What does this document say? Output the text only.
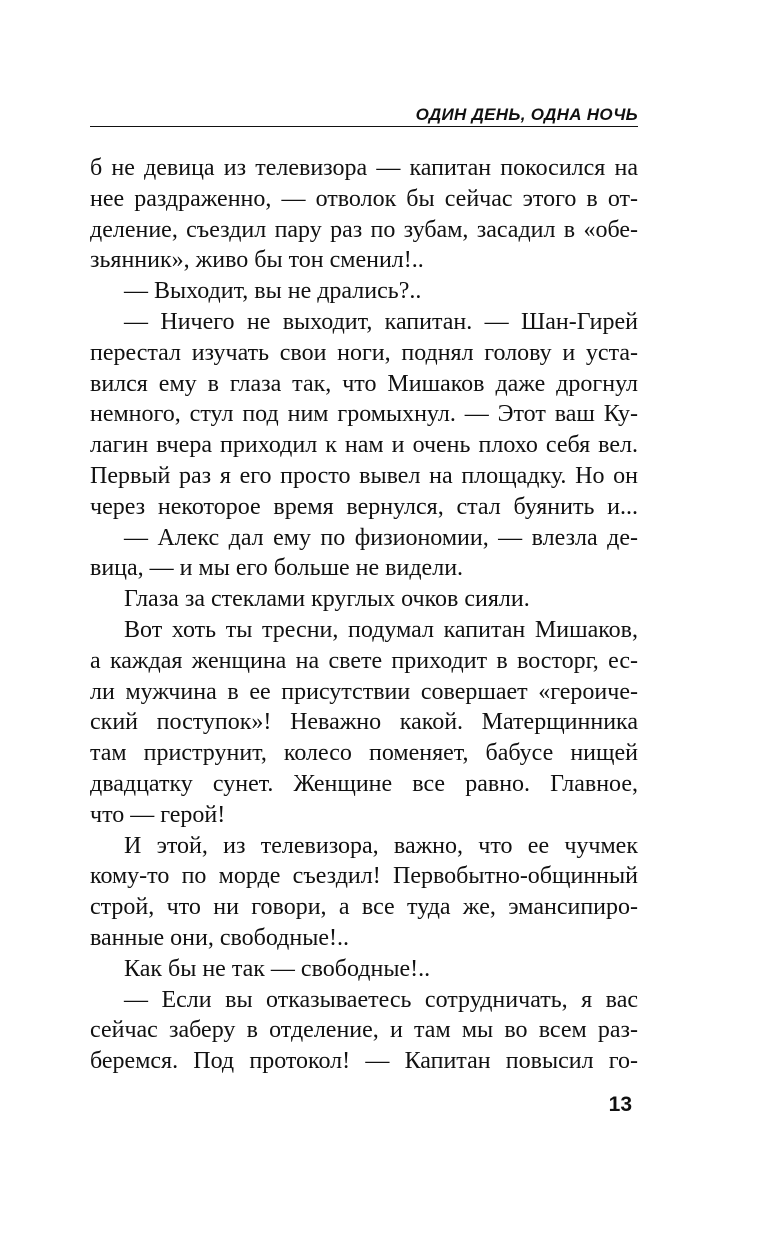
ОДИН ДЕНЬ, ОДНА НОЧЬ
б не девица из телевизора — капитан покосился на
нее раздраженно, — отволок бы сейчас этого в от-
деление, съездил пару раз по зубам, засадил в «обе-
зьянник», живо бы тон сменил!..
— Выходит, вы не дрались?..
— Ничего не выходит, капитан. — Шан-Гирей
перестал изучать свои ноги, поднял голову и уста-
вился ему в глаза так, что Мишаков даже дрогнул
немного, стул под ним громыхнул. — Этот ваш Ку-
лагин вчера приходил к нам и очень плохо себя вел.
Первый раз я его просто вывел на площадку. Но он
через некоторое время вернулся, стал буянить и...
— Алекс дал ему по физиономии, — влезла де-
вица, — и мы его больше не видели.
Глаза за стеклами круглых очков сияли.
Вот хоть ты тресни, подумал капитан Мишаков,
а каждая женщина на свете приходит в восторг, ес-
ли мужчина в ее присутствии совершает «героиче-
ский поступок»! Неважно какой. Матерщинника
там приструнит, колесо поменяет, бабусе нищей
двадцатку сунет. Женщине все равно. Главное,
что — герой!
И этой, из телевизора, важно, что ее чучмек
кому-то по морде съездил! Первобытно-общинный
строй, что ни говори, а все туда же, эмансипиро-
ванные они, свободные!..
Как бы не так — свободные!..
— Если вы отказываетесь сотрудничать, я вас
сейчас заберу в отделение, и там мы во всем раз-
беремся. Под протокол! — Капитан повысил го-
13
